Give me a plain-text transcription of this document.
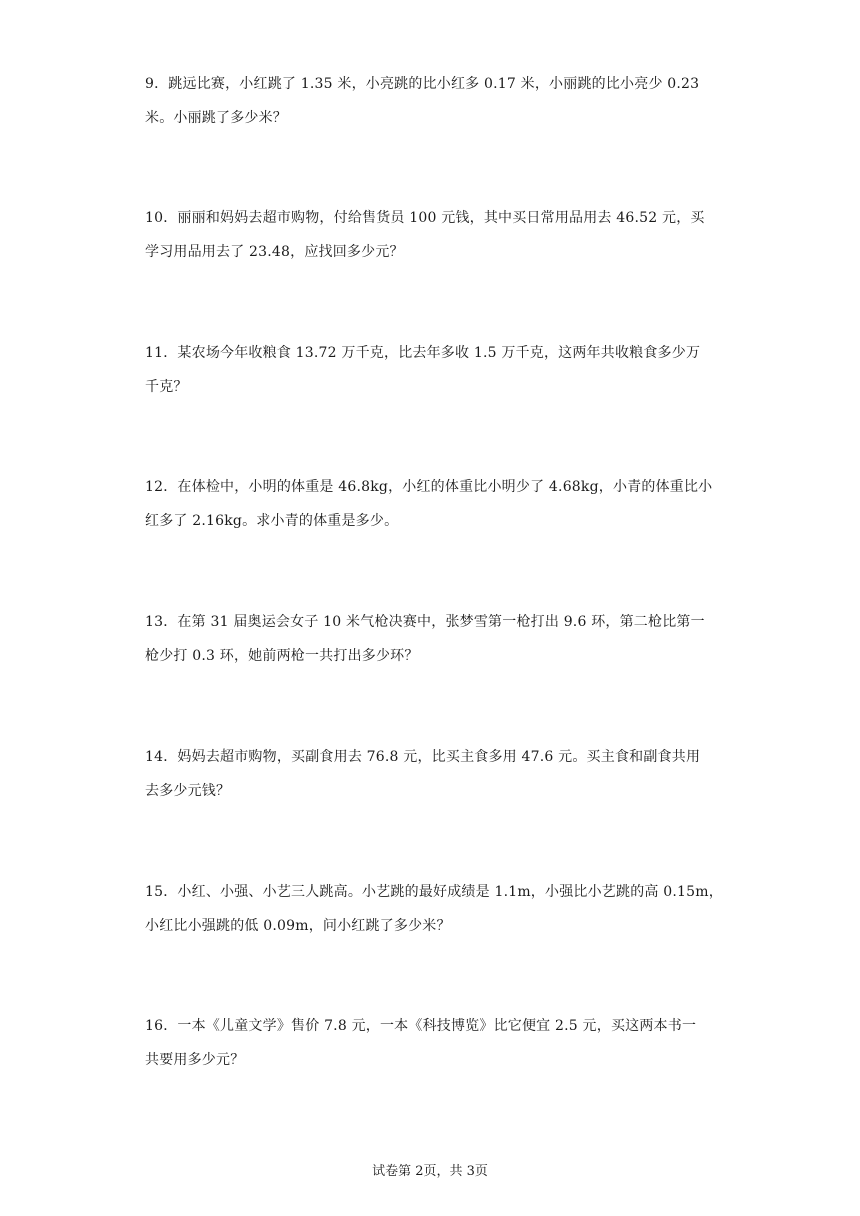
9．跳远比赛，小红跳了 1.35 米，小亮跳的比小红多 0.17 米，小丽跳的比小亮少 0.23
米。小丽跳了多少米？
10．丽丽和妈妈去超市购物，付给售货员 100 元钱，其中买日常用品用去 46.52 元，买
学习用品用去了 23.48，应找回多少元？
11．某农场今年收粮食 13.72 万千克，比去年多收 1.5 万千克，这两年共收粮食多少万
千克？
12．在体检中，小明的体重是 46.8kg，小红的体重比小明少了 4.68kg，小青的体重比小
红多了 2.16kg。求小青的体重是多少。
13．在第 31 届奥运会女子 10 米气枪决赛中，张梦雪第一枪打出 9.6 环，第二枪比第一
枪少打 0.3 环，她前两枪一共打出多少环？
14．妈妈去超市购物，买副食用去 76.8 元，比买主食多用 47.6 元。买主食和副食共用
去多少元钱？
15．小红、小强、小艺三人跳高。小艺跳的最好成绩是 1.1m，小强比小艺跳的高 0.15m，
小红比小强跳的低 0.09m，问小红跳了多少米？
16．一本《儿童文学》售价 7.8 元，一本《科技博览》比它便宜 2.5 元，买这两本书一
共要用多少元？
试卷第 2页，共 3页
